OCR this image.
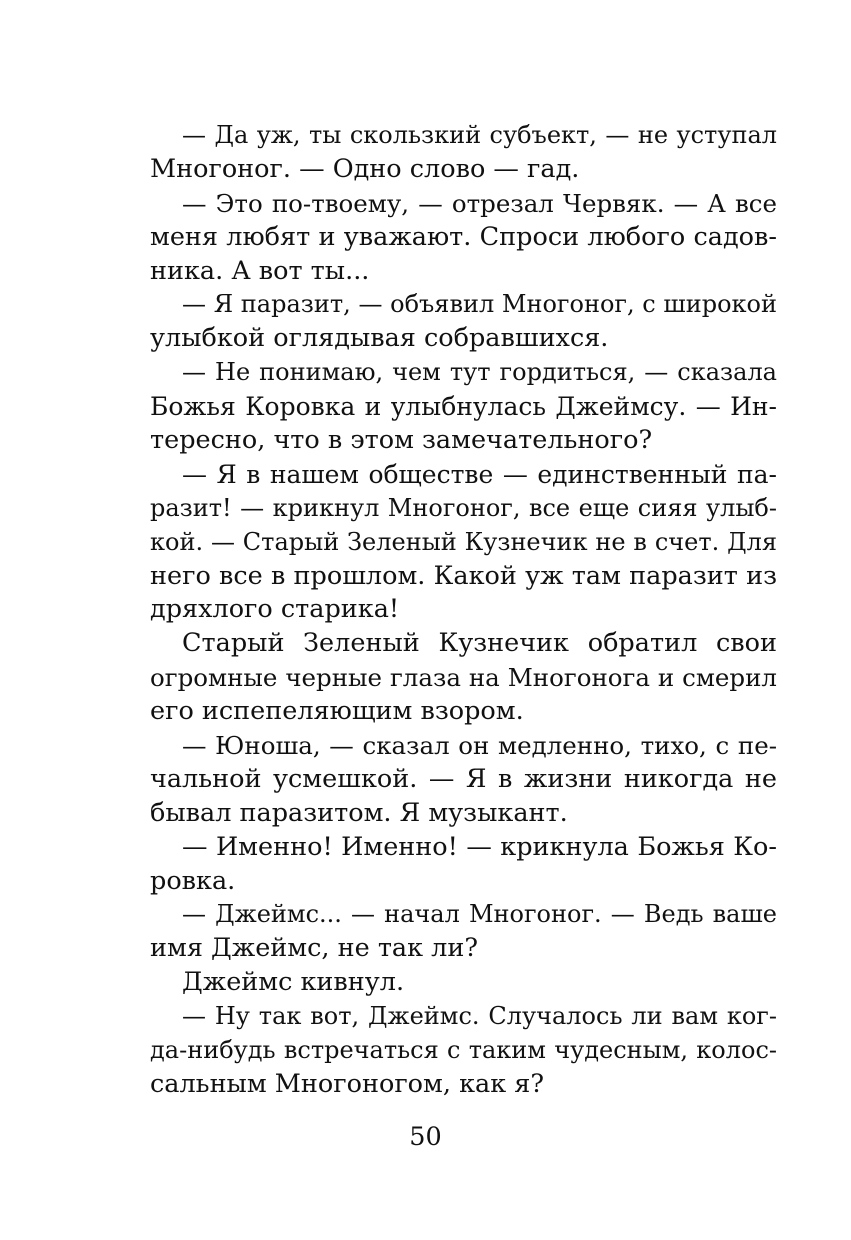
— Да уж, ты скользкий субъект, — не уступал
Многоног. — Одно слово — гад.
— Это по-твоему, — отрезал Червяк. — А все
меня любят и уважают. Спроси любого садов-
ника. А вот ты...
— Я паразит, — объявил Многоног, с широкой
улыбкой оглядывая собравшихся.
— Не понимаю, чем тут гордиться, — сказала
Божья Коровка и улыбнулась Джеймсу. — Ин-
тересно, что в этом замечательного?
— Я в нашем обществе — единственный па-
разит! — крикнул Многоног, все еще сияя улыб-
кой. — Старый Зеленый Кузнечик не в счет. Для
него все в прошлом. Какой уж там паразит из
дряхлого старика!
Старый Зеленый Кузнечик обратил свои
огромные черные глаза на Многонога и смерил
его испепеляющим взором.
— Юноша, — сказал он медленно, тихо, с пе-
чальной усмешкой. — Я в жизни никогда не
бывал паразитом. Я музыкант.
— Именно! Именно! — крикнула Божья Ко-
ровка.
— Джеймс... — начал Многоног. — Ведь ваше
имя Джеймс, не так ли?
Джеймс кивнул.
— Ну так вот, Джеймс. Случалось ли вам ког-
да-нибудь встречаться с таким чудесным, колос-
сальным Многоногом, как я?
50
